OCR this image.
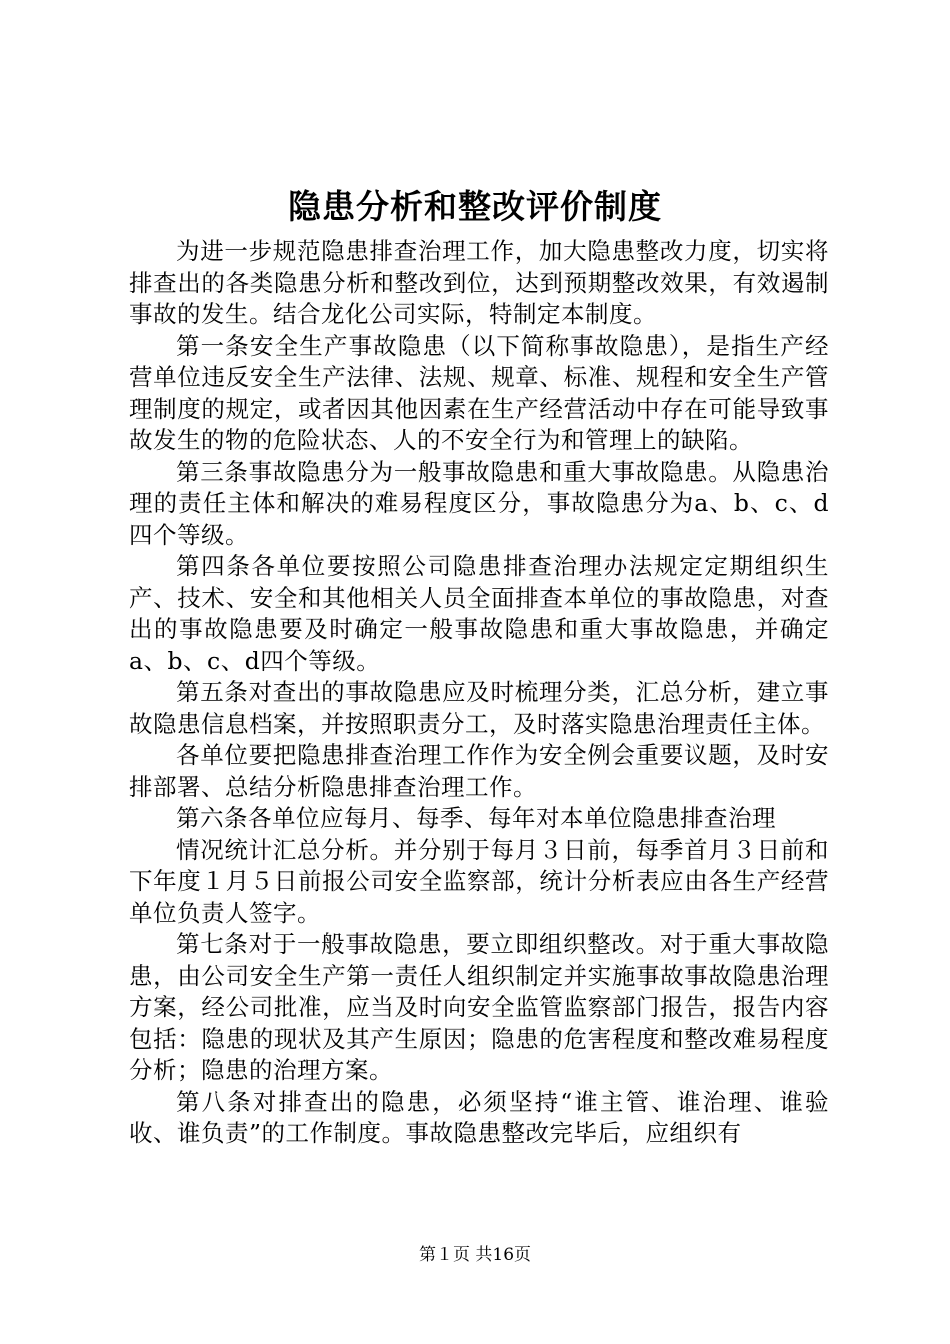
隐患分析和整改评价制度

为进一步规范隐患排查治理工作，加大隐患整改力度，切实将排查出的各类隐患分析和整改到位，达到预期整改效果，有效遏制事故的发生。结合龙化公司实际，特制定本制度。

第一条安全生产事故隐患（以下简称事故隐患），是指生产经营单位违反安全生产法律、法规、规章、标准、规程和安全生产管理制度的规定，或者因其他因素在生产经营活动中存在可能导致事故发生的物的危险状态、人的不安全行为和管理上的缺陷。

第三条事故隐患分为一般事故隐患和重大事故隐患。从隐患治理的责任主体和解决的难易程度区分，事故隐患分为a、b、c、d四个等级。

第四条各单位要按照公司隐患排查治理办法规定定期组织生产、技术、安全和其他相关人员全面排查本单位的事故隐患，对查出的事故隐患要及时确定一般事故隐患和重大事故隐患，并确定a、b、c、d四个等级。

第五条对查出的事故隐患应及时梳理分类，汇总分析，建立事故隐患信息档案，并按照职责分工，及时落实隐患治理责任主体。

各单位要把隐患排查治理工作作为安全例会重要议题，及时安排部署、总结分析隐患排查治理工作。

第六条各单位应每月、每季、每年对本单位隐患排查治理

情况统计汇总分析。并分别于每月３日前，每季首月３日前和下年度１月５日前报公司安全监察部，统计分析表应由各生产经营单位负责人签字。

第七条对于一般事故隐患，要立即组织整改。对于重大事故隐患，由公司安全生产第一责任人组织制定并实施事故事故隐患治理方案，经公司批准，应当及时向安全监管监察部门报告，报告内容包括：隐患的现状及其产生原因；隐患的危害程度和整改难易程度分析；隐患的治理方案。

第八条对排查出的隐患，必须坚持“谁主管、谁治理、谁验收、谁负责”的工作制度。事故隐患整改完毕后，应组织有

第１页 共16页
